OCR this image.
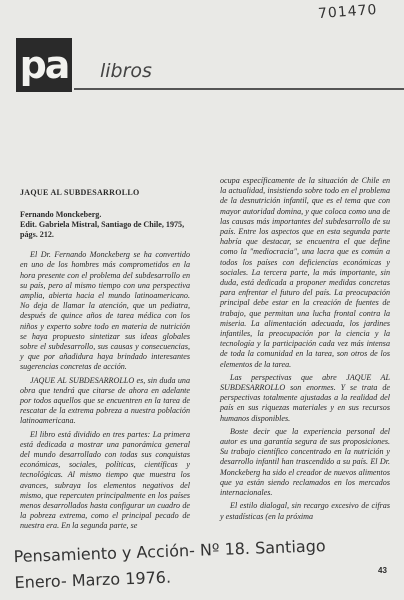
701470
pa libros
JAQUE AL SUBDESARROLLO
Fernando Monckeberg.
Edit. Gabriela Mistral, Santiago de Chile, 1975, págs. 212.

El Dr. Fernando Monckeberg se ha convertido en uno de los hombres más comprometidos en la hora presente con el problema del subdesarrollo en su país, pero al mismo tiempo con una perspectiva amplia, abierta hacia el mundo latinoamericano. No deja de llamar la atención, que un pediatra, después de quince años de tarea médica con los niños y experto sobre todo en materia de nutrición se haya propuesto sintetizar sus ideas globales sobre el subdesarrollo, sus causas y consecuencias, y que por añadidura haya brindado interesantes sugerencias concretas de acción.

JAQUE AL SUBDESARROLLO es, sin duda una obra que tendrá que citarse de ahora en adelante por todos aquellos que se encuentren en la tarea de rescatar de la extrema pobreza a nuestra población latinoamericana.

El libro está dividido en tres partes: La primera está dedicada a mostrar una panorámica general del mundo desarrollado con todas sus conquistas económicas, sociales, políticas, científicas y tecnológicas. Al mismo tiempo que muestra los avances, subraya los elementos negativos del mismo, que repercuten principalmente en los países menos desarrollados hasta configurar un cuadro de la pobreza extrema, como el principal pecado de nuestra era. En la segunda parte, se

ocupa específicamente de la situación de Chile en la actualidad, insistiendo sobre todo en el problema de la desnutrición infantil, que es el tema que con mayor autoridad domina, y que coloca como una de las causas más importantes del subdesarrollo de su país. Entre los aspectos que en esta segunda parte habría que destacar, se encuentra el que define como la "mediocracia", una lacra que es común a todos los países con deficiencias económicas y sociales. La tercera parte, la más importante, sin duda, está dedicada a proponer medidas concretas para enfrentar el futuro del país. La preocupación principal debe estar en la creación de fuentes de trabajo, que permitan una lucha frontal contra la miseria. La alimentación adecuada, los jardines infantiles, la preocupación por la ciencia y la tecnología y la participación cada vez más intensa de toda la comunidad en la tarea, son otros de los elementos de la tarea.

Las perspectivas que abre JAQUE AL SUBDESARROLLO son enormes. Y se trata de perspectivas totalmente ajustadas a la realidad del país en sus riquezas materiales y en sus recursos humanos disponibles.

Boste decir que la experiencia personal del autor es una garantía segura de sus proposiciones. Su trabajo científico concentrado en la nutrición y desarrollo infantil han trascendido a su país. El Dr. Monckeberg ha sido el creador de nuevos alimentos que ya están siendo reclamados en los mercados internacionales.

El estilo dialogal, sin recargo excesivo de cifras y estadísticas (en la próxima

43
Pensamiento y Acción- Nº 18. Santiago
Enero- Marzo 1976.
